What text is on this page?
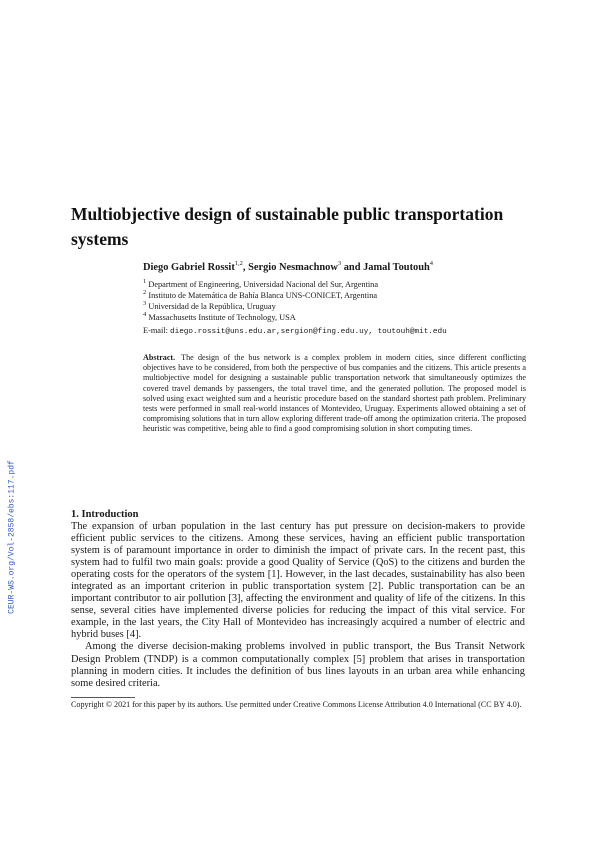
Multiobjective design of sustainable public transportation systems
Diego Gabriel Rossit$^{1,2}$, Sergio Nesmachnow$^3$ and Jamal Toutouh$^4$
$^1$ Department of Engineering, Universidad Nacional del Sur, Argentina
$^2$ Instituto de Matemática de Bahía Blanca UNS-CONICET, Argentina
$^3$ Universidad de la República, Uruguay
$^4$ Massachusetts Institute of Technology, USA
E-mail: diego.rossit@uns.edu.ar,sergion@fing.edu.uy, toutouh@mit.edu
Abstract. The design of the bus network is a complex problem in modern cities, since different conflicting objectives have to be considered, from both the perspective of bus companies and the citizens. This article presents a multiobjective model for designing a sustainable public transportation network that simultaneously optimizes the covered travel demands by passengers, the total travel time, and the generated pollution. The proposed model is solved using exact weighted sum and a heuristic procedure based on the standard shortest path problem. Preliminary tests were performed in small real-world instances of Montevideo, Uruguay. Experiments allowed obtaining a set of compromising solutions that in turn allow exploring different trade-off among the optimization criteria. The proposed heuristic was competitive, being able to find a good compromising solution in short computing times.
CEUR-WS.org/Vol-2858/ebs:117.pdf	1. Introduction

The expansion of urban population in the last century has put pressure on decision-makers to provide efficient public services to the citizens. Among these services, having an efficient public transportation system is of paramount importance in order to diminish the impact of private cars. In the recent past, this system had to fulfil two main goals: provide a good Quality of Service (QoS) to the citizens and burden the operating costs for the operators of the system [1]. However, in the last decades, sustainability has also been integrated as an important criterion in public transportation system [2]. Public transportation can be an important contributor to air pollution [3], affecting the environment and quality of life of the citizens. In this sense, several cities have implemented diverse policies for reducing the impact of this vital service. For example, in the last years, the City Hall of Montevideo has increasingly acquired a number of electric and hybrid buses [4].

Among the diverse decision-making problems involved in public transport, the Bus Transit Network Design Problem (TNDP) is a common computationally complex [5] problem that arises in transportation planning in modern cities. It includes the definition of bus lines layouts in an urban area while enhancing some desired criteria.

Copyright © 2021 for this paper by its authors. Use permitted under Creative Commons License Attribution 4.0 International (CC BY 4.0).
